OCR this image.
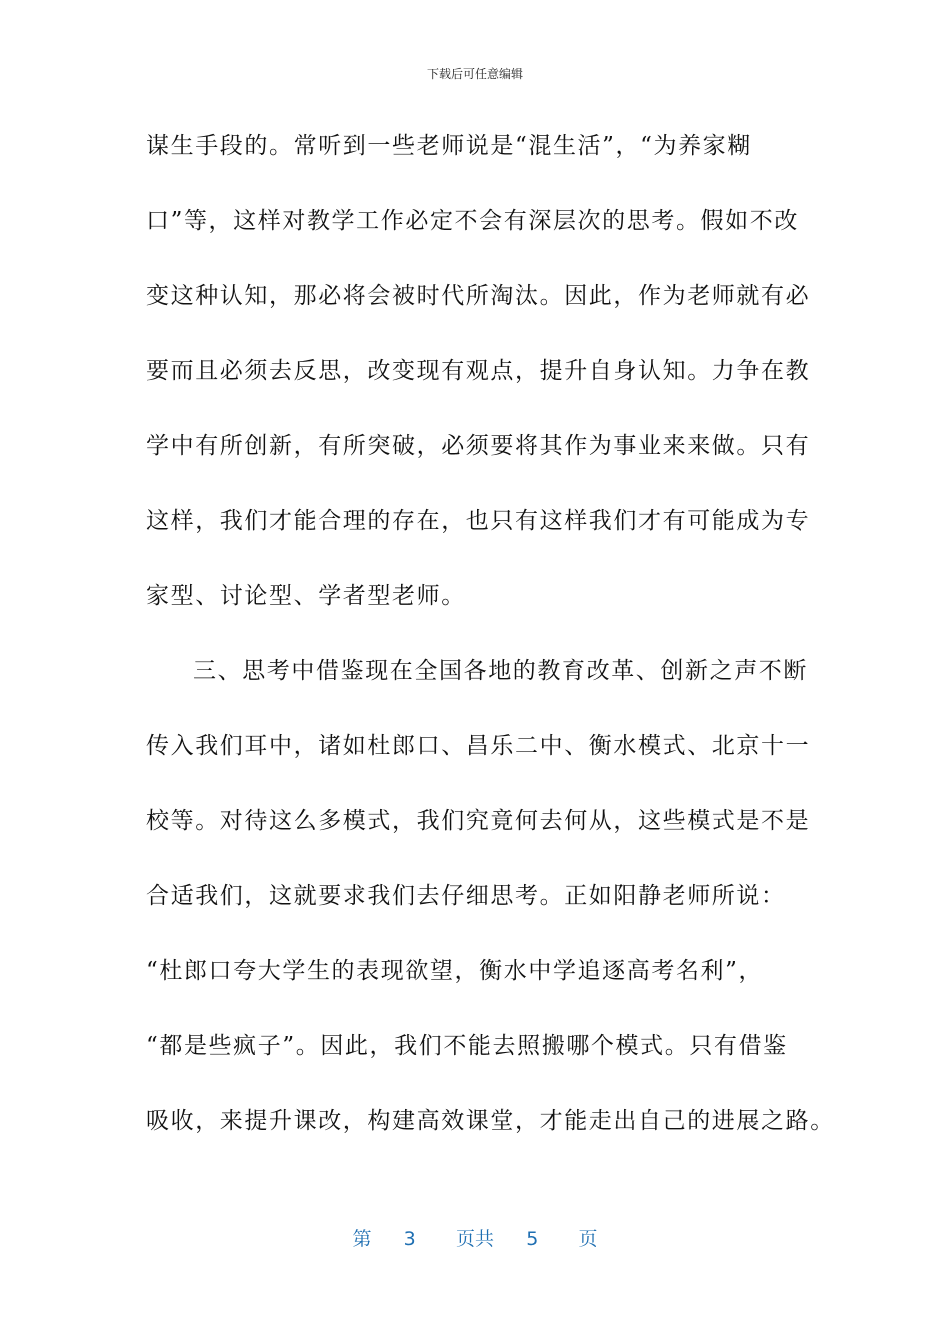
下载后可任意编辑
谋生手段的。常听到一些老师说是“混生活”，“为养家糊
口”等，这样对教学工作必定不会有深层次的思考。假如不改
变这种认知，那必将会被时代所淘汰。因此，作为老师就有必
要而且必须去反思，改变现有观点，提升自身认知。力争在教
学中有所创新，有所突破，必须要将其作为事业来来做。只有
这样，我们才能合理的存在，也只有这样我们才有可能成为专
家型、讨论型、学者型老师。
三、思考中借鉴现在全国各地的教育改革、创新之声不断
传入我们耳中，诸如杜郎口、昌乐二中、衡水模式、北京十一
校等。对待这么多模式，我们究竟何去何从，这些模式是不是
合适我们，这就要求我们去仔细思考。正如阳静老师所说：
“杜郎口夸大学生的表现欲望，衡水中学追逐高考名利”，
“都是些疯子”。因此，我们不能去照搬哪个模式。只有借鉴
吸收，来提升课改，构建高效课堂，才能走出自己的进展之路。
第 3 页共 5 页
